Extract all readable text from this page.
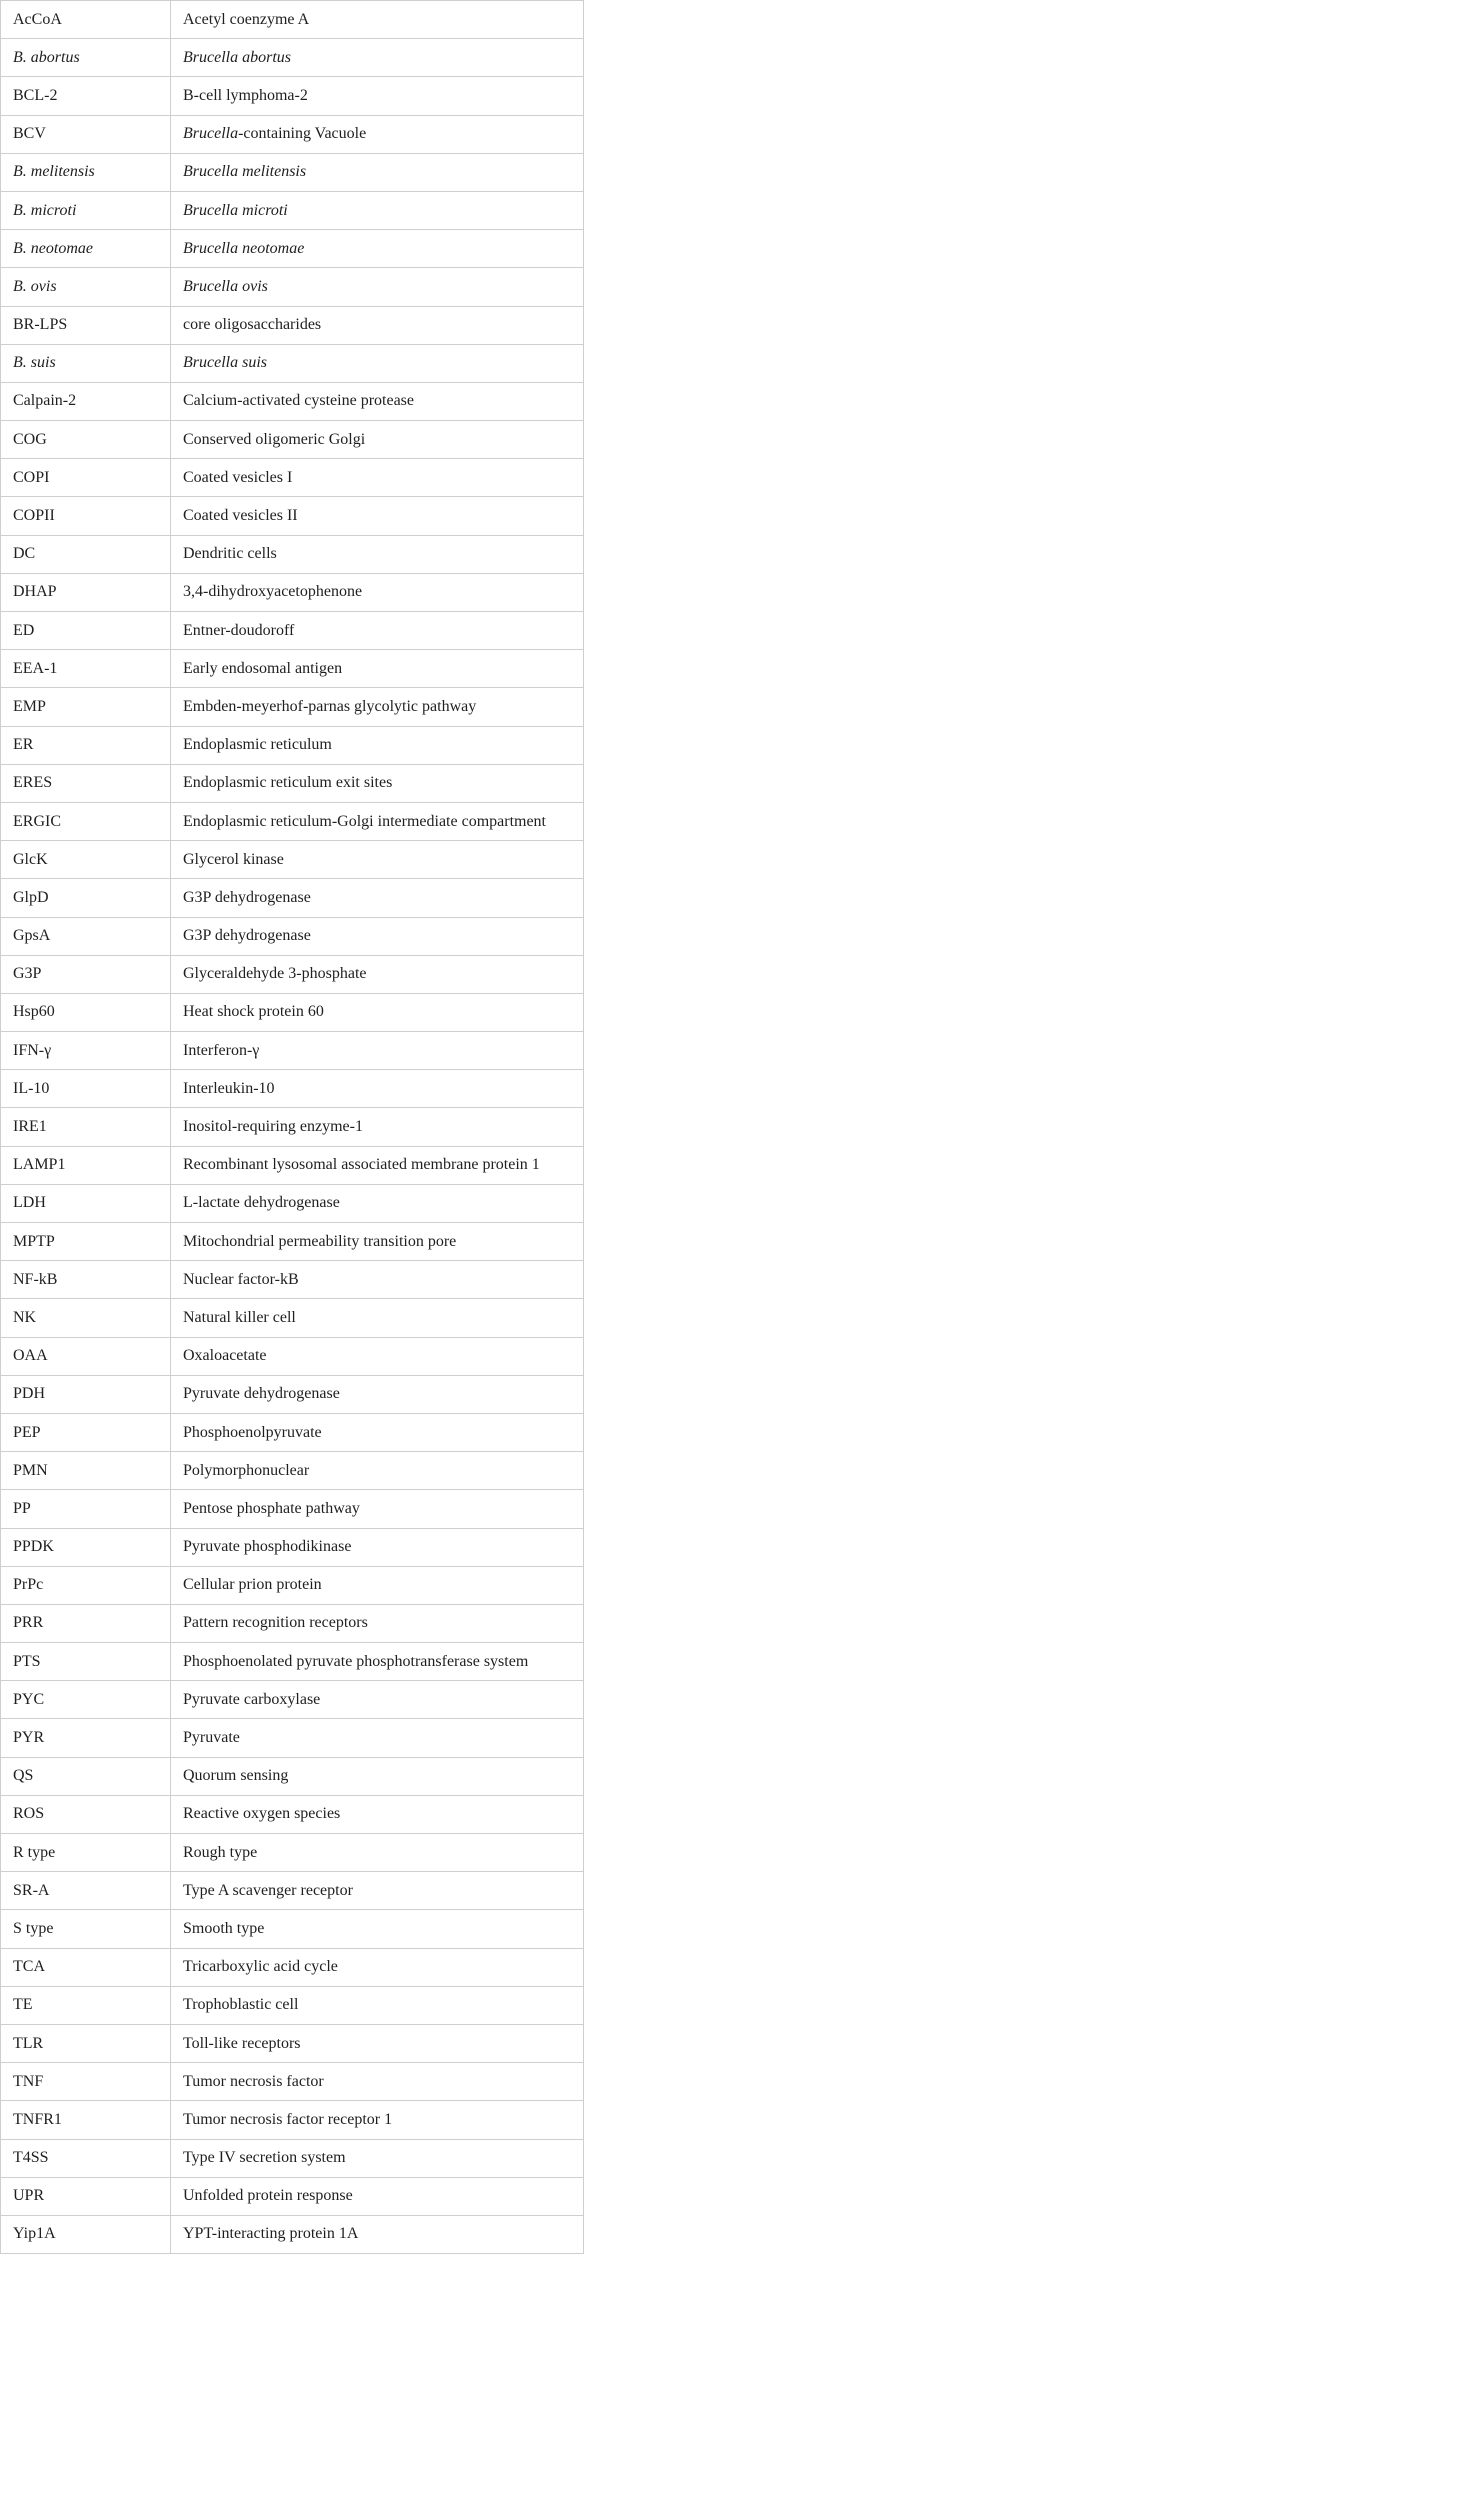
AcCoA	Acetyl coenzyme A
B. abortus	Brucella abortus
BCL-2	B-cell lymphoma-2
BCV	Brucella-containing Vacuole
B. melitensis	Brucella melitensis
B. microti	Brucella microti
B. neotomae	Brucella neotomae
B. ovis	Brucella ovis
BR-LPS	core oligosaccharides
B. suis	Brucella suis
Calpain-2	Calcium-activated cysteine protease
COG	Conserved oligomeric Golgi
COPI	Coated vesicles I
COPII	Coated vesicles II
DC	Dendritic cells
DHAP	3,4-dihydroxyacetophenone
ED	Entner-doudoroff
EEA-1	Early endosomal antigen
EMP	Embden-meyerhof-parnas glycolytic pathway
ER	Endoplasmic reticulum
ERES	Endoplasmic reticulum exit sites
ERGIC	Endoplasmic reticulum-Golgi intermediate compartment
GlcK	Glycerol kinase
GlpD	G3P dehydrogenase
GpsA	G3P dehydrogenase
G3P	Glyceraldehyde 3-phosphate
Hsp60	Heat shock protein 60
IFN-γ	Interferon-γ
IL-10	Interleukin-10
IRE1	Inositol-requiring enzyme-1
LAMP1	Recombinant lysosomal associated membrane protein 1
LDH	L-lactate dehydrogenase
MPTP	Mitochondrial permeability transition pore
NF-kB	Nuclear factor-kB
NK	Natural killer cell
OAA	Oxaloacetate
PDH	Pyruvate dehydrogenase
PEP	Phosphoenolpyruvate
PMN	Polymorphonuclear
PP	Pentose phosphate pathway
PPDK	Pyruvate phosphodikinase
PrPc	Cellular prion protein
PRR	Pattern recognition receptors
PTS	Phosphoenolated pyruvate phosphotransferase system
PYC	Pyruvate carboxylase
PYR	Pyruvate
QS	Quorum sensing
ROS	Reactive oxygen species
R type	Rough type
SR-A	Type A scavenger receptor
S type	Smooth type
TCA	Tricarboxylic acid cycle
TE	Trophoblastic cell
TLR	Toll-like receptors
TNF	Tumor necrosis factor
TNFR1	Tumor necrosis factor receptor 1
T4SS	Type IV secretion system
UPR	Unfolded protein response
Yip1A	YPT-interacting protein 1A
